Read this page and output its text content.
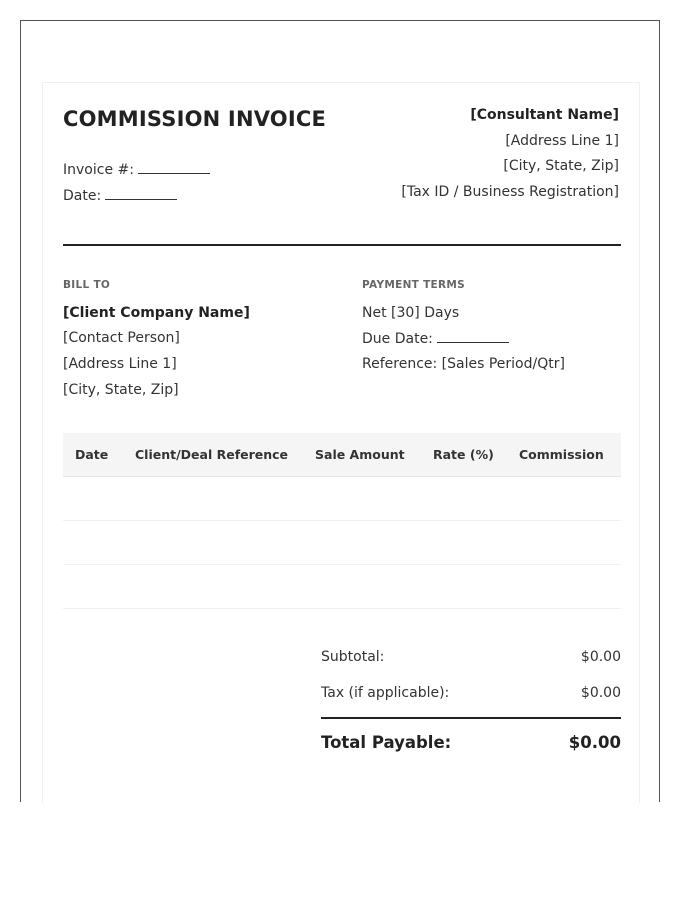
COMMISSION INVOICE
Invoice #:
Date:
[Consultant Name]
[Address Line 1]
[City, State, Zip]
[Tax ID / Business Registration]
BILL TO
[Client Company Name]
[Contact Person]
[Address Line 1]
[City, State, Zip]
PAYMENT TERMS
Net [30] Days
Due Date:
Reference: [Sales Period/Qtr]
Date	Client/Deal Reference	Sale Amount	Rate (%)	Commission

Subtotal:	$0.00
Tax (if applicable):	$0.00
Total Payable:	$0.00
